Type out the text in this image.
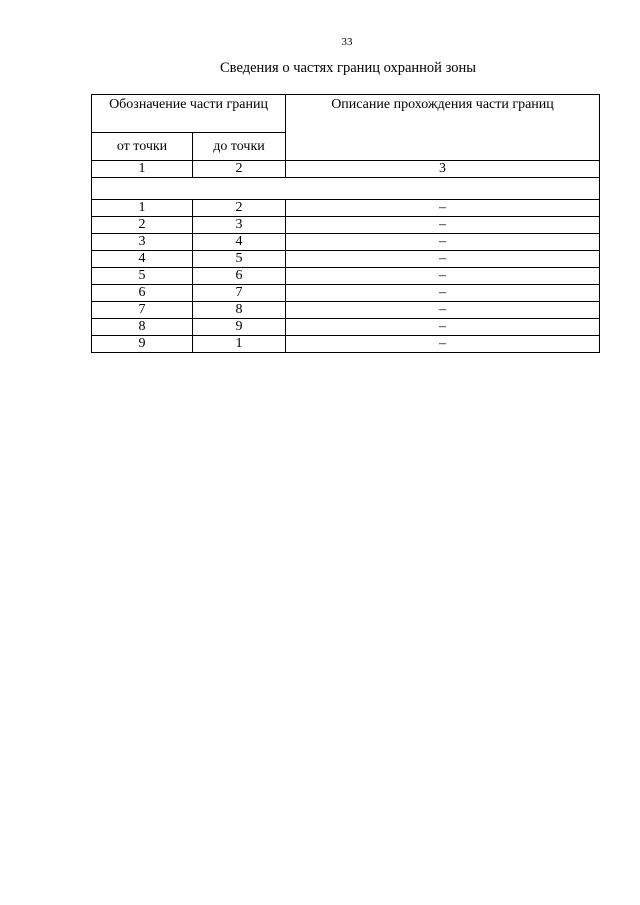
33
Сведения о частях границ охранной зоны
Обозначение части границ		Описание прохождения части границ
от точки	до точки	
1	2	3

1	2	–
2	3	–
3	4	–
4	5	–
5	6	–
6	7	–
7	8	–
8	9	–
9	1	–
